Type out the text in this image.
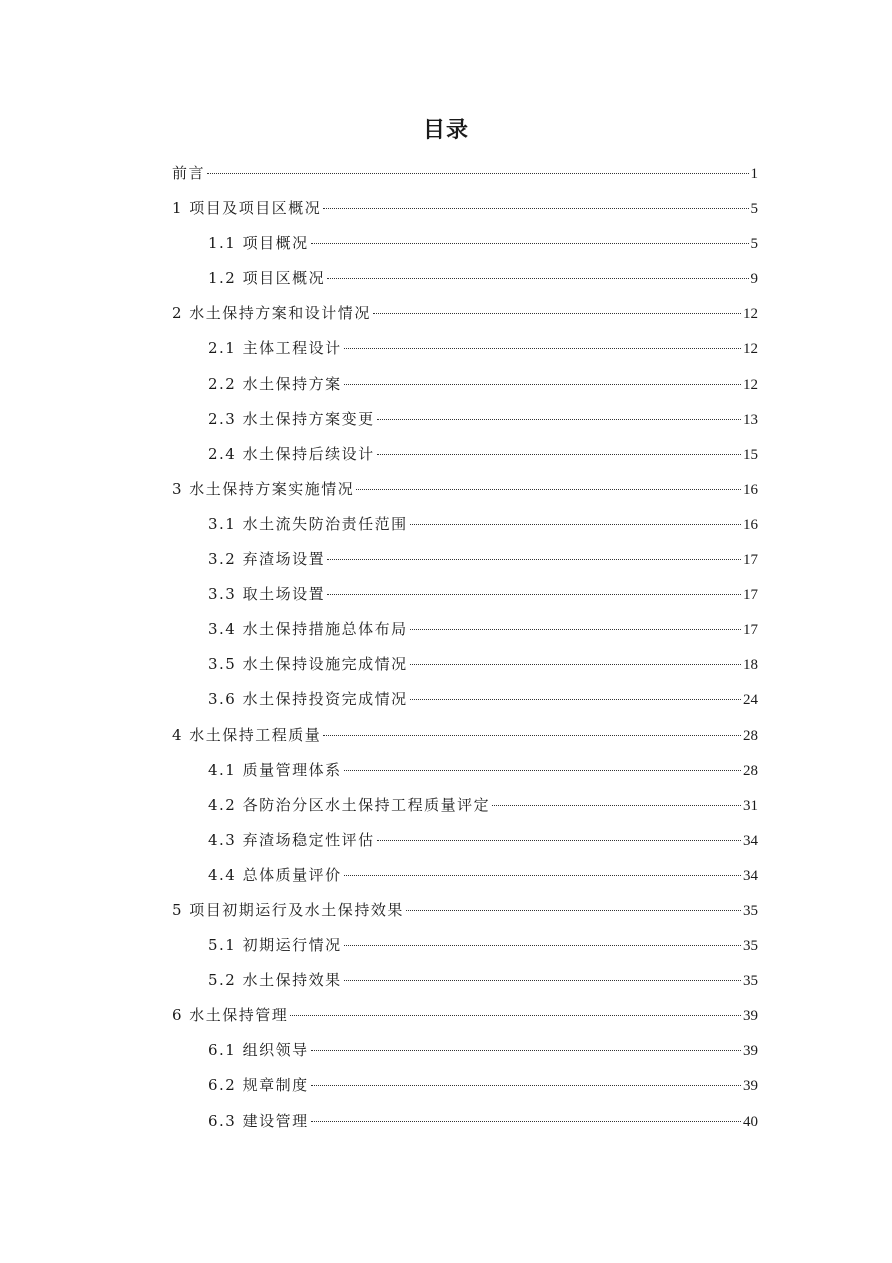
目录
前言	1
1 项目及项目区概况	5
1.1 项目概况	5
1.2 项目区概况	9
2 水土保持方案和设计情况	12
2.1 主体工程设计	12
2.2 水土保持方案	12
2.3 水土保持方案变更	13
2.4 水土保持后续设计	15
3 水土保持方案实施情况	16
3.1 水土流失防治责任范围	16
3.2 弃渣场设置	17
3.3 取土场设置	17
3.4 水土保持措施总体布局	17
3.5 水土保持设施完成情况	18
3.6 水土保持投资完成情况	24
4 水土保持工程质量	28
4.1 质量管理体系	28
4.2 各防治分区水土保持工程质量评定	31
4.3 弃渣场稳定性评估	34
4.4 总体质量评价	34
5 项目初期运行及水土保持效果	35
5.1 初期运行情况	35
5.2 水土保持效果	35
6 水土保持管理	39
6.1 组织领导	39
6.2 规章制度	39
6.3 建设管理	40
